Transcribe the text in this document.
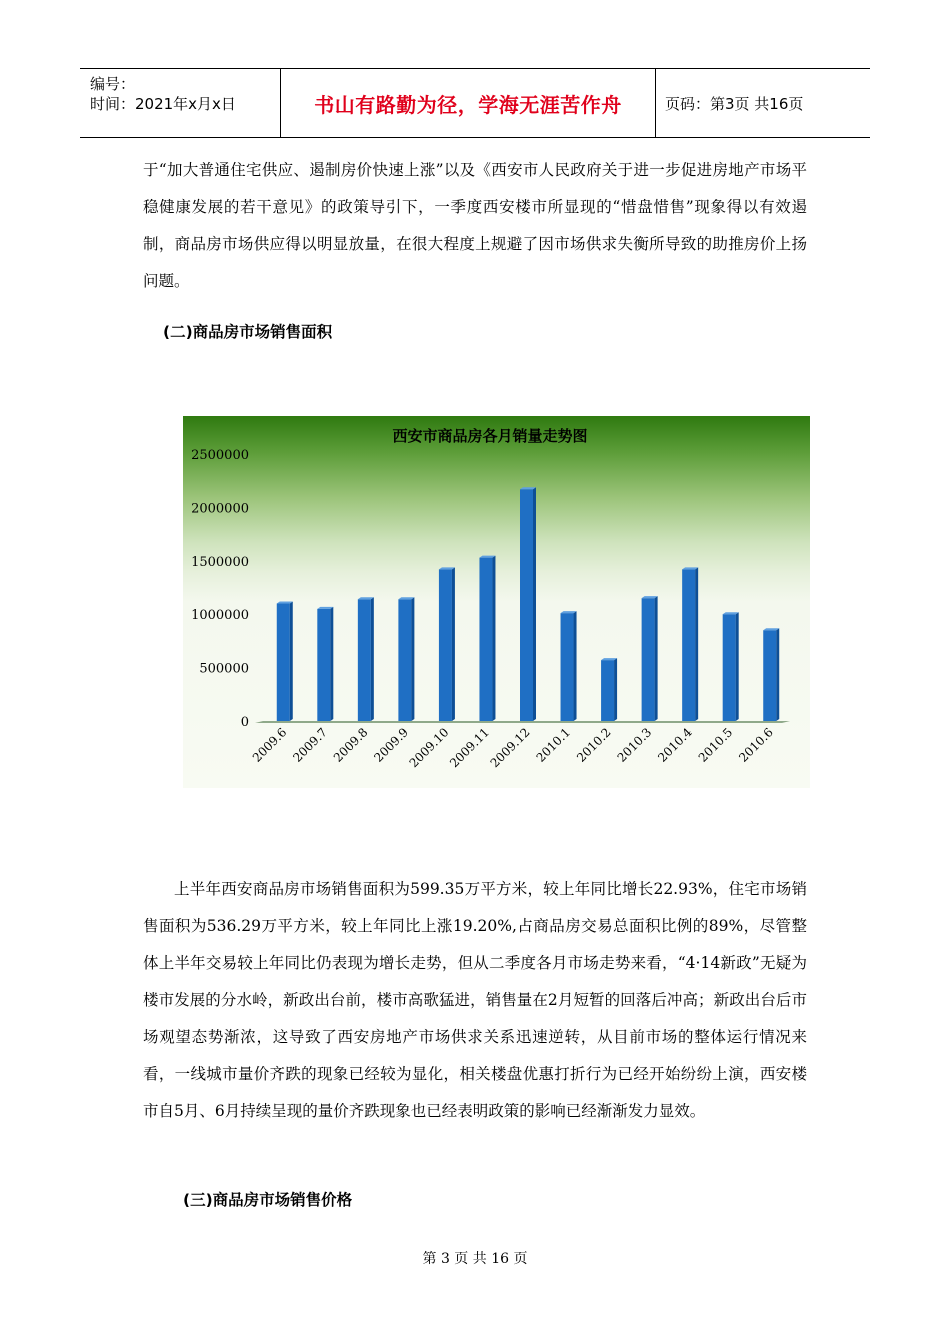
编号：
时间：2021年x月x日	书山有路勤为径，学海无涯苦作舟	页码：第3页 共16页
于“加大普通住宅供应、遏制房价快速上涨”以及《西安市人民政府关于进一步促进房地产市场平稳健康发展的若干意见》的政策导引下，一季度西安楼市所显现的“惜盘惜售”现象得以有效遏制，商品房市场供应得以明显放量，在很大程度上规避了因市场供求失衡所导致的助推房价上扬问题。
(二)商品房市场销售面积
西安市商品房各月销量走势图
0
500000
1000000
1500000
2000000
2500000
2009.6 2009.7 2009.8 2009.9
2009.10
2009.11
2009.12 2010.1 2010.2 2010.3 2010.4 2010.5 2010.6
上半年西安商品房市场销售面积为599.35万平方米，较上年同比增长22.93%，住宅市场销售面积为536.29万平方米，较上年同比上涨19.20%,占商品房交易总面积比例的89%，尽管整体上半年交易较上年同比仍表现为增长走势，但从二季度各月市场走势来看，“4·14新政”无疑为楼市发展的分水岭，新政出台前，楼市高歌猛进，销售量在2月短暂的回落后冲高；新政出台后市场观望态势渐浓，这导致了西安房地产市场供求关系迅速逆转，从目前市场的整体运行情况来看，一线城市量价齐跌的现象已经较为显化，相关楼盘优惠打折行为已经开始纷纷上演，西安楼市自5月、6月持续呈现的量价齐跌现象也已经表明政策的影响已经渐渐发力显效。
(三)商品房市场销售价格
第 3 页 共 16 页
